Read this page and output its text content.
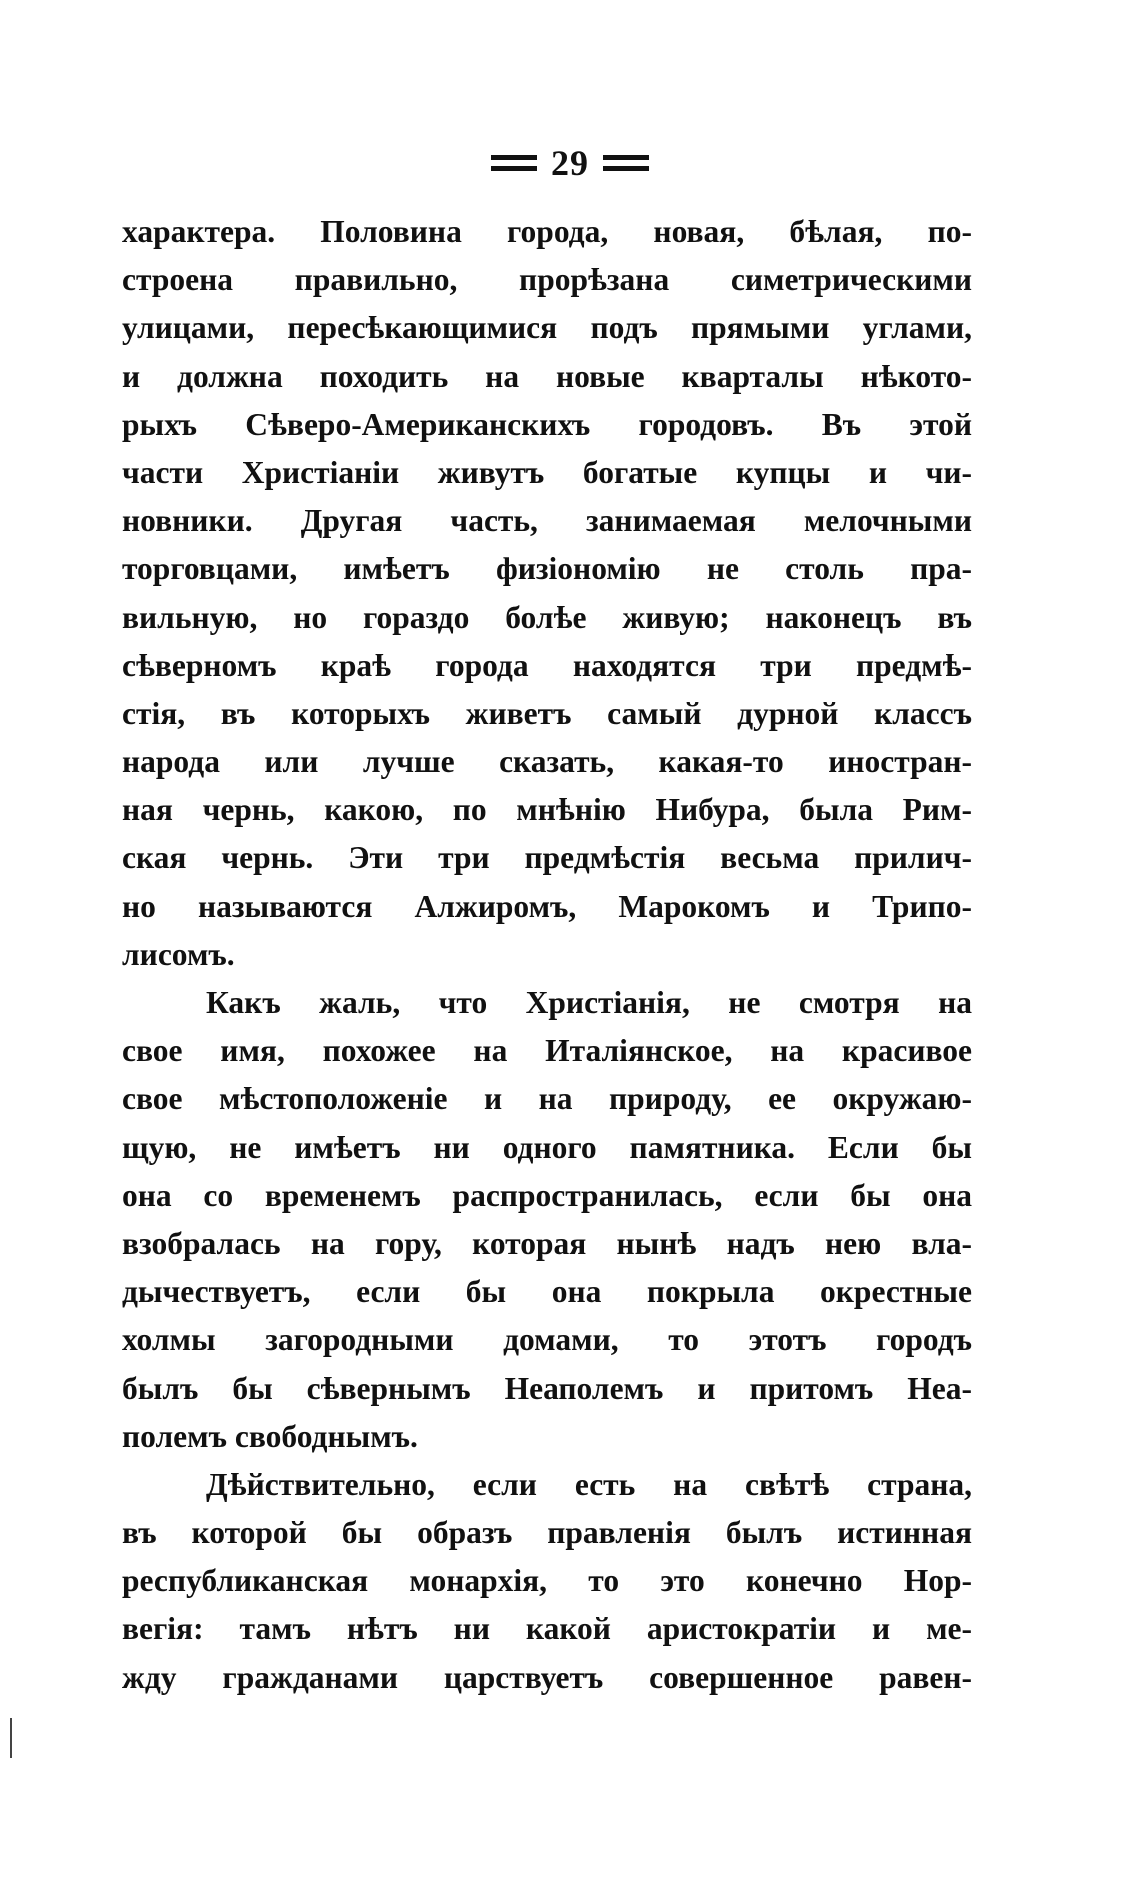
29
характера. Половина города, новая, бѣлая, по-
строена правильно, прорѣзана симетрическими
улицами, пересѣкающимися подъ прямыми углами,
и должна походить на новые кварталы нѣкото-
рыхъ Сѣверо-Американскихъ городовъ. Въ этой
части Христіаніи живутъ богатые купцы и чи-
новники. Другая часть, занимаемая мелочными
торговцами, имѣетъ физіономію не столь пра-
вильную, но гораздо болѣе живую; наконецъ въ
сѣверномъ краѣ города находятся три предмѣ-
стія, въ которыхъ живетъ самый дурной классъ
народа или лучше сказать, какая-то иностран-
ная чернь, какою, по мнѣнію Нибура, была Рим-
ская чернь. Эти три предмѣстія весьма прилич-
но называются Алжиромъ, Марокомъ и Трипо-
лисомъ.
Какъ жаль, что Христіанія, не смотря на
свое имя, похожее на Италіянское, на красивое
свое мѣстоположеніе и на природу, ее окружаю-
щую, не имѣетъ ни одного памятника. Если бы
она со временемъ распространилась, если бы она
взобралась на гору, которая нынѣ надъ нею вла-
дычествуетъ, если бы она покрыла окрестные
холмы загородными домами, то этотъ городъ
былъ бы сѣвернымъ Неаполемъ и притомъ Неа-
полемъ свободнымъ.
Дѣйствительно, если есть на свѣтѣ страна,
въ которой бы образъ правленія былъ истинная
республиканская монархія, то это конечно Нор-
вегія: тамъ нѣтъ ни какой аристократіи и ме-
жду гражданами царствуетъ совершенное равен-
